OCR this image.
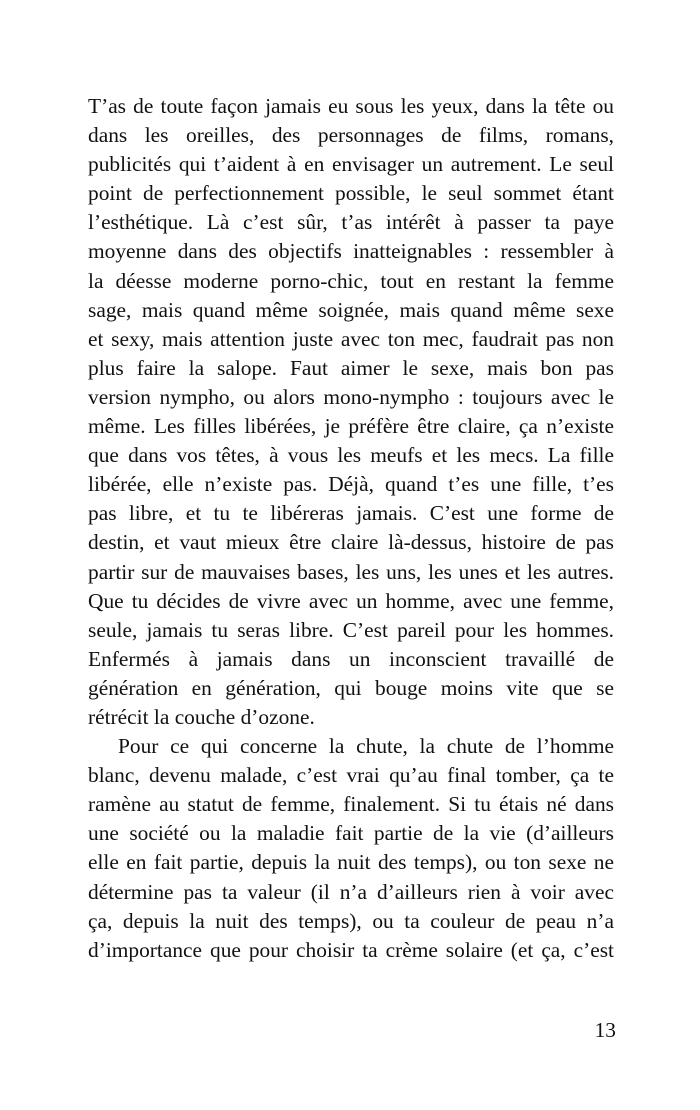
T’as de toute façon jamais eu sous les yeux, dans la tête ou
dans les oreilles, des personnages de films, romans,
publicités qui t’aident à en envisager un autrement. Le seul
point de perfectionnement possible, le seul sommet étant
l’esthétique. Là c’est sûr, t’as intérêt à passer ta paye
moyenne dans des objectifs inatteignables : ressembler à
la déesse moderne porno-chic, tout en restant la femme
sage, mais quand même soignée, mais quand même sexe
et sexy, mais attention juste avec ton mec, faudrait pas non
plus faire la salope. Faut aimer le sexe, mais bon pas
version nympho, ou alors mono-nympho : toujours avec le
même. Les filles libérées, je préfère être claire, ça n’existe
que dans vos têtes, à vous les meufs et les mecs. La fille
libérée, elle n’existe pas. Déjà, quand t’es une fille, t’es
pas libre, et tu te libéreras jamais. C’est une forme de
destin, et vaut mieux être claire là-dessus, histoire de pas
partir sur de mauvaises bases, les uns, les unes et les autres.
Que tu décides de vivre avec un homme, avec une femme,
seule, jamais tu seras libre. C’est pareil pour les hommes.
Enfermés à jamais dans un inconscient travaillé de
génération en génération, qui bouge moins vite que se
rétrécit la couche d’ozone.
Pour ce qui concerne la chute, la chute de l’homme
blanc, devenu malade, c’est vrai qu’au final tomber, ça te
ramène au statut de femme, finalement. Si tu étais né dans
une société ou la maladie fait partie de la vie (d’ailleurs
elle en fait partie, depuis la nuit des temps), ou ton sexe ne
détermine pas ta valeur (il n’a d’ailleurs rien à voir avec
ça, depuis la nuit des temps), ou ta couleur de peau n’a
d’importance que pour choisir ta crème solaire (et ça, c’est
13
